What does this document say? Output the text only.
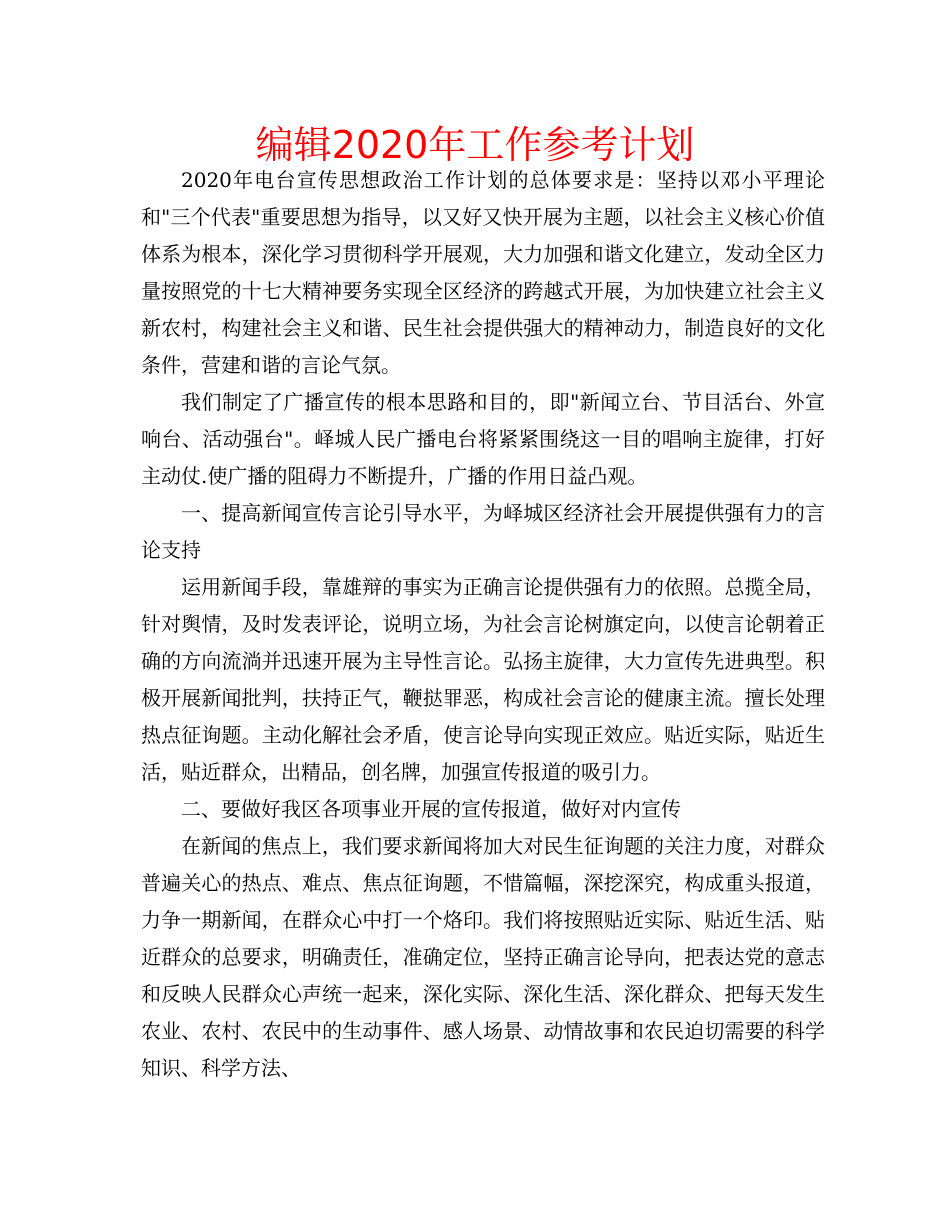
编辑2020年工作参考计划

2020年电台宣传思想政治工作计划的总体要求是：坚持以邓小平理论和"三个代表"重要思想为指导，以又好又快开展为主题，以社会主义核心价值体系为根本，深化学习贯彻科学开展观，大力加强和谐文化建立，发动全区力量按照党的十七大精神要务实现全区经济的跨越式开展，为加快建立社会主义新农村，构建社会主义和谐、民生社会提供强大的精神动力，制造良好的文化条件，营建和谐的言论气氛。

我们制定了广播宣传的根本思路和目的，即"新闻立台、节目活台、外宣响台、活动强台"。峄城人民广播电台将紧紧围绕这一目的唱响主旋律，打好主动仗.使广播的阻碍力不断提升，广播的作用日益凸观。

一、提高新闻宣传言论引导水平，为峄城区经济社会开展提供强有力的言论支持

运用新闻手段，靠雄辩的事实为正确言论提供强有力的依照。总揽全局，针对舆情，及时发表评论，说明立场，为社会言论树旗定向，以使言论朝着正确的方向流淌并迅速开展为主导性言论。弘扬主旋律，大力宣传先进典型。积极开展新闻批判，扶持正气，鞭挞罪恶，构成社会言论的健康主流。擅长处理热点征询题。主动化解社会矛盾，使言论导向实现正效应。贴近实际，贴近生活，贴近群众，出精品，创名牌，加强宣传报道的吸引力。

二、要做好我区各项事业开展的宣传报道，做好对内宣传

在新闻的焦点上，我们要求新闻将加大对民生征询题的关注力度，对群众普遍关心的热点、难点、焦点征询题，不惜篇幅，深挖深究，构成重头报道，力争一期新闻，在群众心中打一个烙印。我们将按照贴近实际、贴近生活、贴近群众的总要求，明确责任，准确定位，坚持正确言论导向，把表达党的意志和反映人民群众心声统一起来，深化实际、深化生活、深化群众、把每天发生农业、农村、农民中的生动事件、感人场景、动情故事和农民迫切需要的科学知识、科学方法、
